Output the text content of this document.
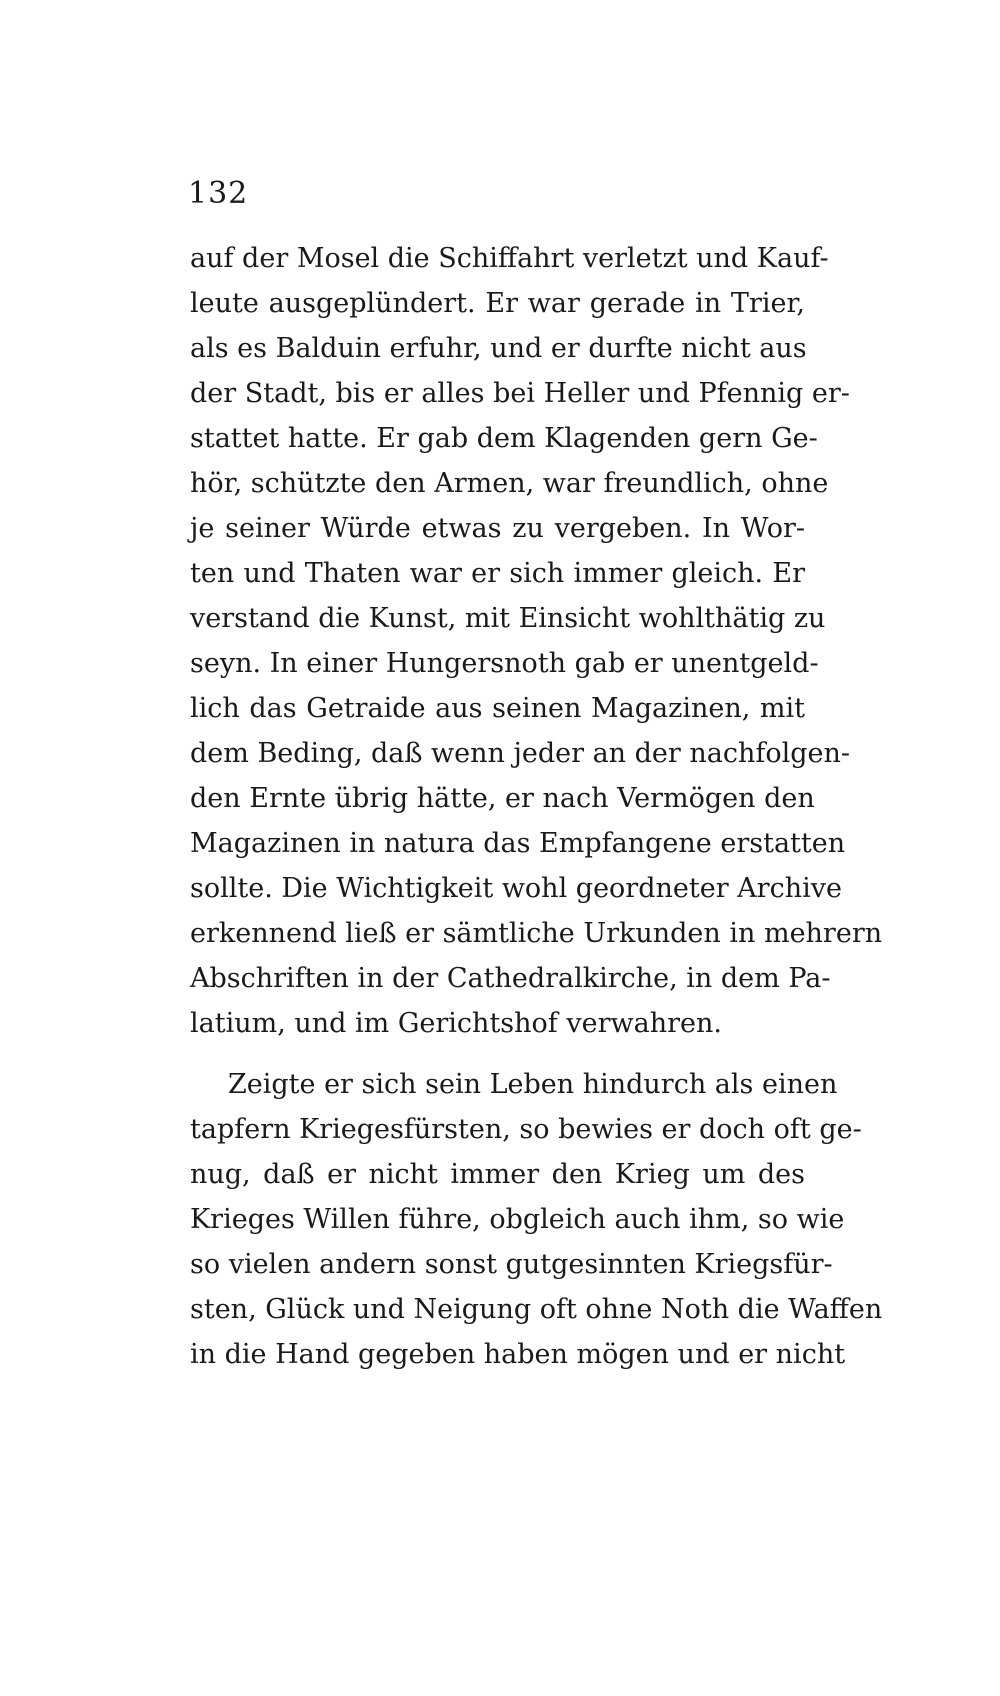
132
auf der Mosel die Schiffahrt verletzt und Kauf-
leute ausgeplündert. Er war gerade in Trier,
als es Balduin erfuhr, und er durfte nicht aus
der Stadt, bis er alles bei Heller und Pfennig er-
stattet hatte. Er gab dem Klagenden gern Ge-
hör, schützte den Armen, war freundlich, ohne
je seiner Würde etwas zu vergeben. In Wor-
ten und Thaten war er sich immer gleich. Er
verstand die Kunst, mit Einsicht wohlthätig zu
seyn. In einer Hungersnoth gab er unentgeld-
lich das Getraide aus seinen Magazinen, mit
dem Beding, daß wenn jeder an der nachfolgen-
den Ernte übrig hätte, er nach Vermögen den
Magazinen in natura das Empfangene erstatten
sollte. Die Wichtigkeit wohl geordneter Archive
erkennend ließ er sämtliche Urkunden in mehrern
Abschriften in der Cathedralkirche, in dem Pa-
latium, und im Gerichtshof verwahren.
Zeigte er sich sein Leben hindurch als einen
tapfern Kriegesfürsten, so bewies er doch oft ge-
nug, daß er nicht immer den Krieg um des
Krieges Willen führe, obgleich auch ihm, so wie
so vielen andern sonst gutgesinnten Kriegsfür-
sten, Glück und Neigung oft ohne Noth die Waffen
in die Hand gegeben haben mögen und er nicht
